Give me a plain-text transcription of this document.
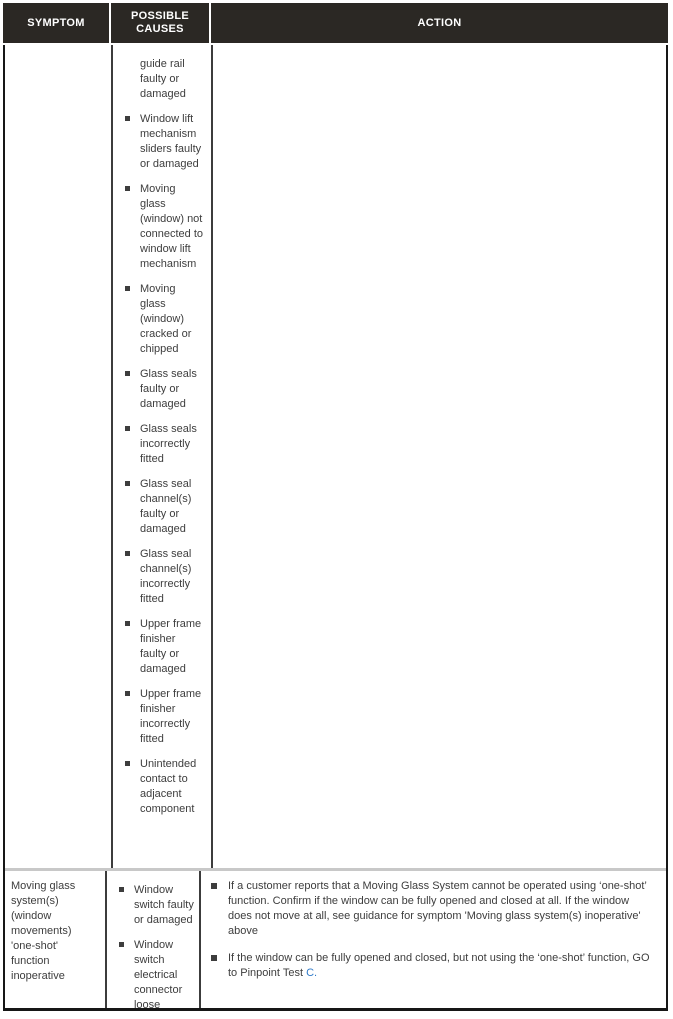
SYMPTOM
POSSIBLE CAUSES
ACTION
guide rail faulty or damaged
Window lift mechanism sliders faulty or damaged
Moving glass (window) not connected to window lift mechanism
Moving glass (window) cracked or chipped
Glass seals faulty or damaged
Glass seals incorrectly fitted
Glass seal channel(s) faulty or damaged
Glass seal channel(s) incorrectly fitted
Upper frame finisher faulty or damaged
Upper frame finisher incorrectly fitted
Unintended contact to adjacent component
Moving glass system(s) (window movements) 'one-shot' function inoperative
Window switch faulty or damaged
Window switch electrical connector loose
If a customer reports that a Moving Glass System cannot be operated using ‘one-shot’ function. Confirm if the window can be fully opened and closed at all. If the window does not move at all, see guidance for symptom 'Moving glass system(s) inoperative' above
If the window can be fully opened and closed, but not using the ‘one-shot’ function, GO to Pinpoint Test C.
